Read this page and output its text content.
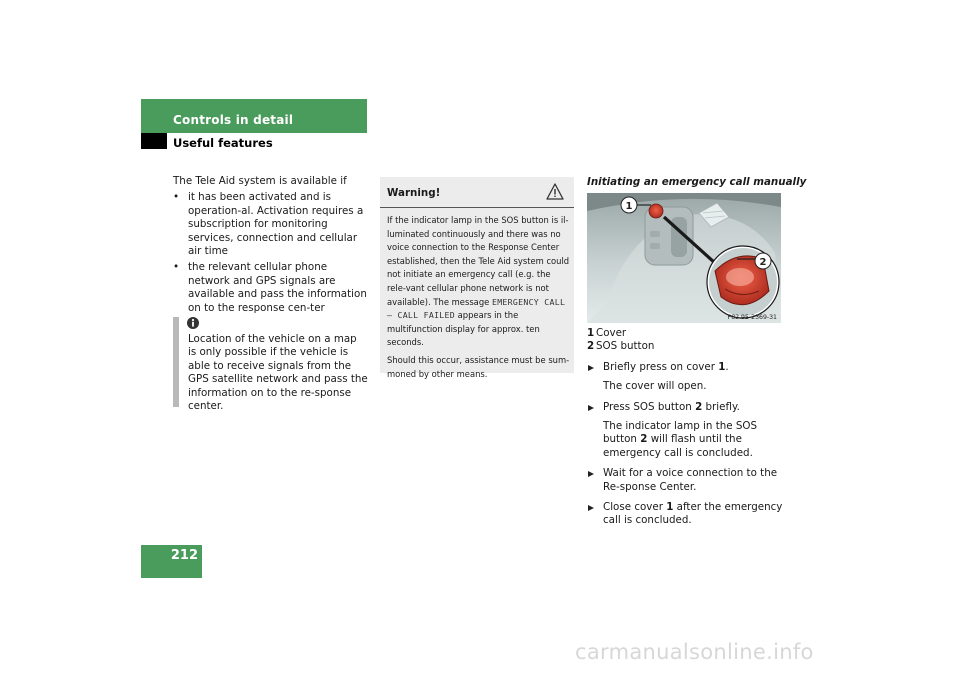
Controls in detail
Useful features
212

The Tele Aid system is available if

• it has been activated and is operation-al. Activation requires a subscription for monitoring services, connection and cellular air time
• the relevant cellular phone network and GPS signals are available and pass the information on to the response cen-ter
Location of the vehicle on a map is only possible if the vehicle is able to receive signals from the GPS satellite network and pass the information on to the re-sponse center.
Warning!

If the indicator lamp in the SOS button is il-luminated continuously and there was no voice connection to the Response Center established, then the Tele Aid system could not initiate an emergency call (e.g. the rele-vant cellular phone network is not available). The message EMERGENCY CALL – CALL FAILED appears in the multifunction display for approx. ten seconds.

Should this occur, assistance must be sum-moned by other means.

Initiating an emergency call manually
1
2
P82.95-2369-31

1 Cover

2 SOS button

Briefly press on cover 1.

The cover will open.

Press SOS button 2 briefly.

The indicator lamp in the SOS button 2 will flash until the emergency call is concluded.

Wait for a voice connection to the Re-sponse Center.

Close cover 1 after the emergency call is concluded.

carmanualsonline.info
